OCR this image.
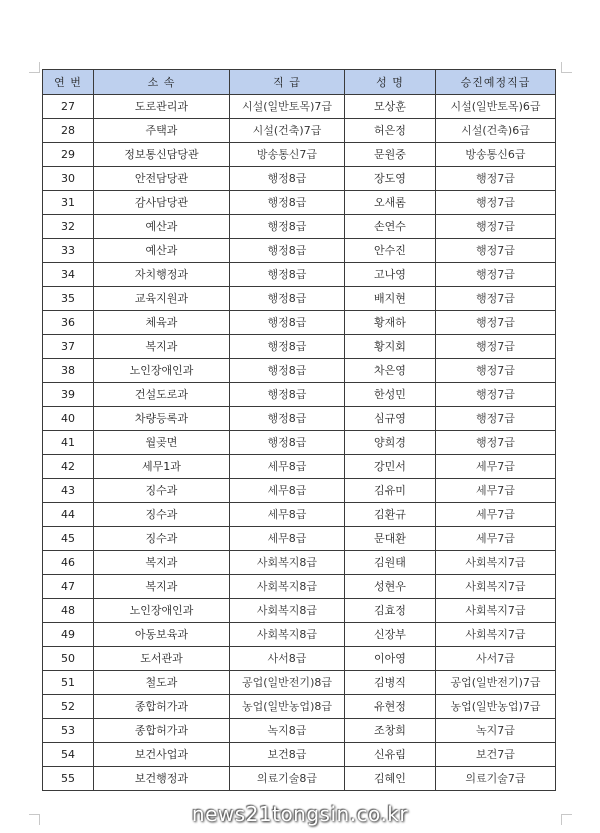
연 번	소 속	직 급	성 명	승진예정직급
27	도로관리과	시설(일반토목)7급	모상훈	시설(일반토목)6급
28	주택과	시설(건축)7급	허은정	시설(건축)6급
29	정보통신담당관	방송통신7급	문원중	방송통신6급
30	안전담당관	행정8급	장도영	행정7급
31	감사담당관	행정8급	오새롬	행정7급
32	예산과	행정8급	손연수	행정7급
33	예산과	행정8급	안수진	행정7급
34	자치행정과	행정8급	고나영	행정7급
35	교육지원과	행정8급	배지현	행정7급
36	체육과	행정8급	황재하	행정7급
37	복지과	행정8급	황지회	행정7급
38	노인장애인과	행정8급	차은영	행정7급
39	건설도로과	행정8급	한성민	행정7급
40	차량등록과	행정8급	심규영	행정7급
41	월곶면	행정8급	양희경	행정7급
42	세무1과	세무8급	강민서	세무7급
43	징수과	세무8급	김유미	세무7급
44	징수과	세무8급	김환규	세무7급
45	징수과	세무8급	문대환	세무7급
46	복지과	사회복지8급	김원태	사회복지7급
47	복지과	사회복지8급	성현우	사회복지7급
48	노인장애인과	사회복지8급	김효정	사회복지7급
49	아동보육과	사회복지8급	신장부	사회복지7급
50	도서관과	사서8급	이아영	사서7급
51	철도과	공업(일반전기)8급	김병직	공업(일반전기)7급
52	종합허가과	농업(일반농업)8급	유현정	농업(일반농업)7급
53	종합허가과	녹지8급	조창희	녹지7급
54	보건사업과	보건8급	신유림	보건7급
55	보건행정과	의료기술8급	김혜인	의료기술7급
news21tongsin.co.kr
